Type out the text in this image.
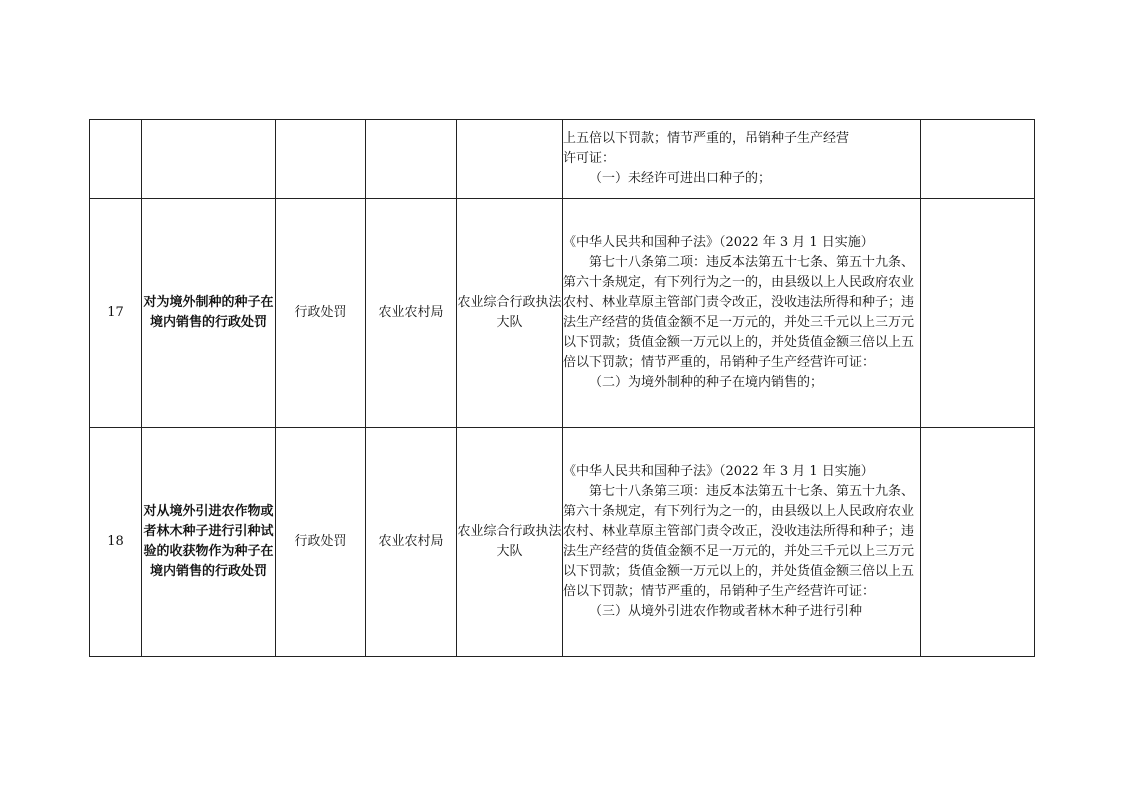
					上五倍以下罚款；情节严重的，吊销种子生产经营
许可证：
（一）未经许可进出口种子的；	

17	对为境外制种的种子在境内销售的行政处罚	行政处罚	农业农村局	农业综合行政执法大队	《中华人民共和国种子法》（2022 年 3 月 1 日实施）
第七十八条第二项：违反本法第五十七条、第五十九条、第六十条规定，有下列行为之一的，由县级以上人民政府农业农村、林业草原主管部门责令改正，没收违法所得和种子；违法生产经营的货值金额不足一万元的，并处三千元以上三万元以下罚款；货值金额一万元以上的，并处货值金额三倍以上五倍以下罚款；情节严重的，吊销种子生产经营许可证：
（二）为境外制种的种子在境内销售的；	

18	对从境外引进农作物或者林木种子进行引种试验的收获物作为种子在境内销售的行政处罚	行政处罚	农业农村局	农业综合行政执法大队	《中华人民共和国种子法》（2022 年 3 月 1 日实施）
第七十八条第三项：违反本法第五十七条、第五十九条、第六十条规定，有下列行为之一的，由县级以上人民政府农业农村、林业草原主管部门责令改正，没收违法所得和种子；违法生产经营的货值金额不足一万元的，并处三千元以上三万元以下罚款；货值金额一万元以上的，并处货值金额三倍以上五倍以下罚款；情节严重的，吊销种子生产经营许可证：
（三）从境外引进农作物或者林木种子进行引种	
